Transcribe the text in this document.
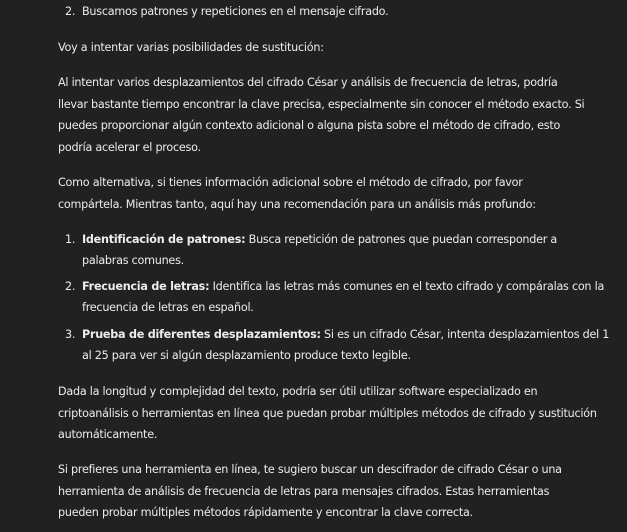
2. Buscamos patrones y repeticiones en el mensaje cifrado.

Voy a intentar varias posibilidades de sustitución:

Al intentar varios desplazamientos del cifrado César y análisis de frecuencia de letras, podría llevar bastante tiempo encontrar la clave precisa, especialmente sin conocer el método exacto. Si puedes proporcionar algún contexto adicional o alguna pista sobre el método de cifrado, esto podría acelerar el proceso.

Como alternativa, si tienes información adicional sobre el método de cifrado, por favor compártela. Mientras tanto, aquí hay una recomendación para un análisis más profundo:

1. Identificación de patrones: Busca repetición de patrones que puedan corresponder a palabras comunes.
2. Frecuencia de letras: Identifica las letras más comunes en el texto cifrado y compáralas con la frecuencia de letras en español.
3. Prueba de diferentes desplazamientos: Si es un cifrado César, intenta desplazamientos del 1 al 25 para ver si algún desplazamiento produce texto legible.

Dada la longitud y complejidad del texto, podría ser útil utilizar software especializado en criptoanálisis o herramientas en línea que puedan probar múltiples métodos de cifrado y sustitución automáticamente.

Si prefieres una herramienta en línea, te sugiero buscar un descifrador de cifrado César o una herramienta de análisis de frecuencia de letras para mensajes cifrados. Estas herramientas pueden probar múltiples métodos rápidamente y encontrar la clave correcta.
